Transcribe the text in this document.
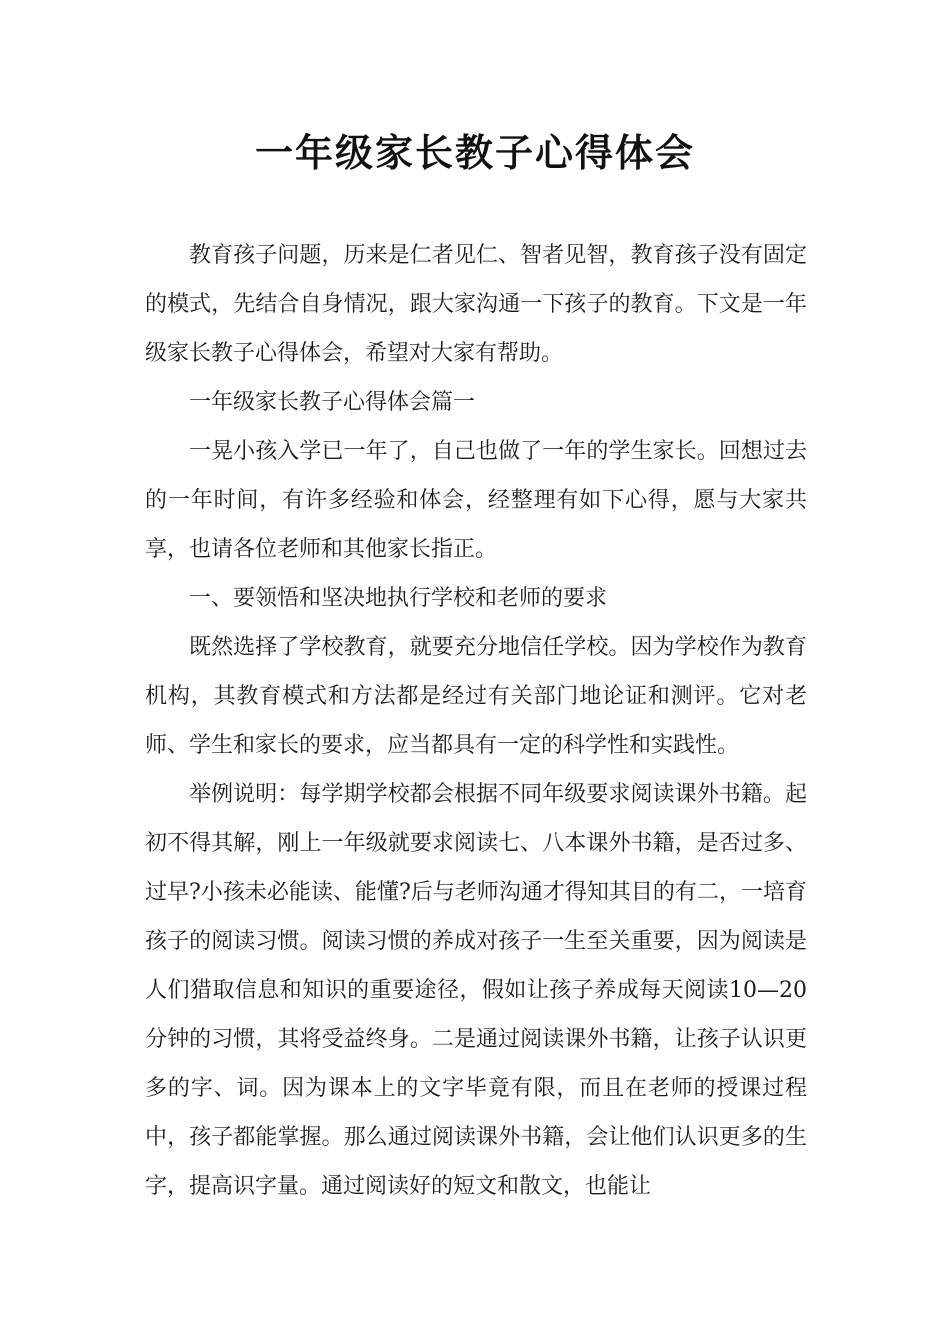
一年级家长教子心得体会

教育孩子问题，历来是仁者见仁、智者见智，教育孩子没有固定的模式，先结合自身情况，跟大家沟通一下孩子的教育。下文是一年级家长教子心得体会，希望对大家有帮助。

一年级家长教子心得体会篇一

一晃小孩入学已一年了，自己也做了一年的学生家长。回想过去的一年时间，有许多经验和体会，经整理有如下心得，愿与大家共享，也请各位老师和其他家长指正。

一、要领悟和坚决地执行学校和老师的要求

既然选择了学校教育，就要充分地信任学校。因为学校作为教育机构，其教育模式和方法都是经过有关部门地论证和测评。它对老师、学生和家长的要求，应当都具有一定的科学性和实践性。

举例说明：每学期学校都会根据不同年级要求阅读课外书籍。起初不得其解，刚上一年级就要求阅读七、八本课外书籍，是否过多、过早?小孩未必能读、能懂?后与老师沟通才得知其目的有二，一培育孩子的阅读习惯。阅读习惯的养成对孩子一生至关重要，因为阅读是人们猎取信息和知识的重要途径，假如让孩子养成每天阅读10—20分钟的习惯，其将受益终身。二是通过阅读课外书籍，让孩子认识更多的字、词。因为课本上的文字毕竟有限，而且在老师的授课过程中，孩子都能掌握。那么通过阅读课外书籍，会让他们认识更多的生字，提高识字量。通过阅读好的短文和散文，也能让
